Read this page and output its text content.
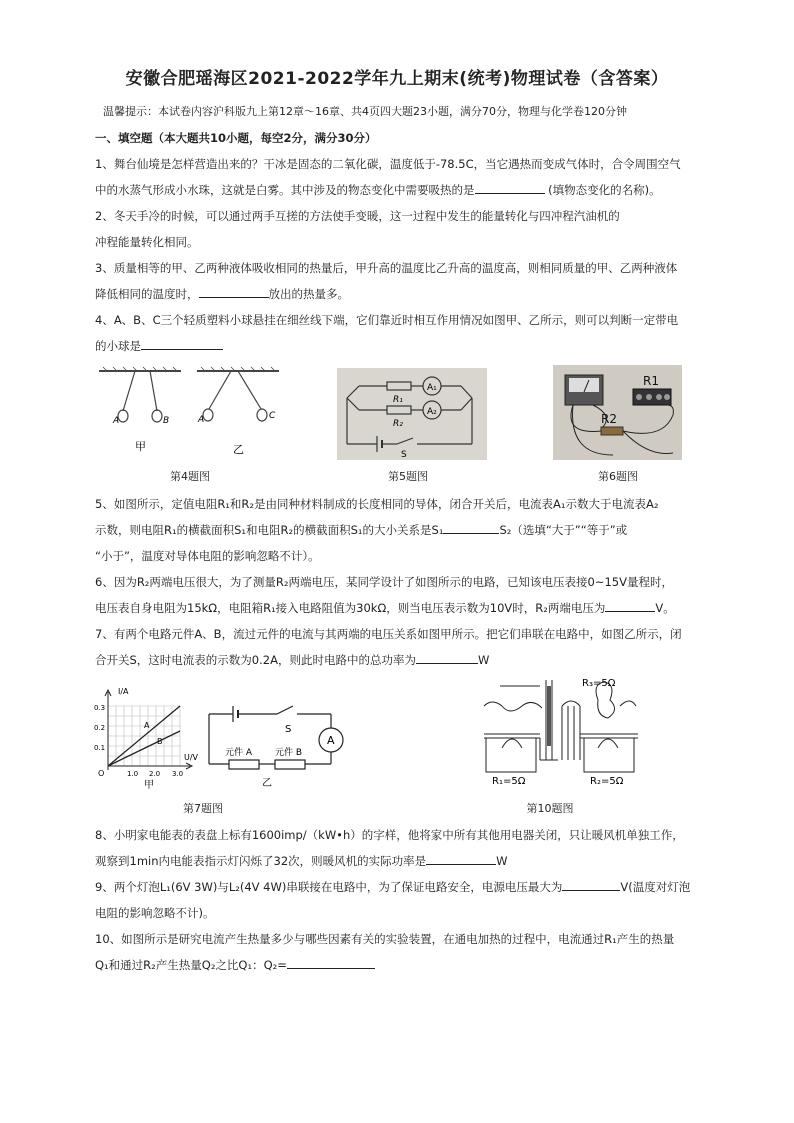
安徽合肥瑶海区2021-2022学年九上期末(统考)物理试卷（含答案）
温馨提示：本试卷内容沪科版九上第12章～16章、共4页四大题23小题，满分70分，物理与化学卷120分钟
一、填空题（本大题共10小题，每空2分，满分30分）
1、舞台仙境是怎样营造出来的？干冰是固态的二氧化碳，温度低于-78.5C，当它遇热而变成气体时，合令周围空气
中的水蒸气形成小水珠，这就是白雾。其中涉及的物态变化中需要吸热的是	(填物态变化的名称)。
2、冬天手冷的时候，可以通过两手互搓的方法使手变暖，这一过程中发生的能量转化与四冲程汽油机的
冲程能量转化相同。
3、质量相等的甲、乙两种液体吸收相同的热量后，甲升高的温度比乙升高的温度高，则相同质量的甲、乙两种液体
降低相同的温度时，	放出的热量多。
4、A、B、C三个轻质塑料小球悬挂在细丝线下端，它们靠近时相互作用情况如图甲、乙所示，则可以判断一定带电
的小球是
A	B
甲
A	C
乙
A₁
A₂
R₁
R₂
S
R1
R2
第4题图	第5题图	第6题图
5、如图所示，定值电阻R₁和R₂是由同种材料制成的长度相同的导体，闭合开关后，电流表A₁示数大于电流表A₂
示数，则电阻R₁的横截面积S₁和电阻R₂的横截面积S₁的大小关系是S₁	S₂（选填“大于”“等于”或
“小于”，温度对导体电阻的影响忽略不计）。
6、因为R₂两端电压很大，为了测量R₂两端电压，某同学设计了如图所示的电路，已知该电压表接0~15V量程时，
电压表自身电阻为15kΩ，电阻箱R₁接入电路阻值为30kΩ，则当电压表示数为10V时，R₂两端电压为	V。
7、有两个电路元件A、B，流过元件的电流与其两端的电压关系如图甲所示。把它们串联在电路中，如图乙所示，闭
合开关S，这时电流表的示数为0.2A，则此时电路中的总功率为	W
I/A
0.3
0.2
0.1
1.0 2.0 3.0
U/V
O
A
B
甲
A
S
元件 A	元件 B
乙
R₃=5Ω
R₁=5Ω	R₂=5Ω
第7题图	第10题图
8、小明家电能表的表盘上标有1600imp/（kW•h）的字样，他将家中所有其他用电器关闭，只让暖风机单独工作，
观察到1min内电能表指示灯闪烁了32次，则暖风机的实际功率是	W
9、两个灯泡L₁(6V 3W)与L₂(4V 4W)串联接在电路中，为了保证电路安全，电源电压最大为	V(温度对灯泡
电阻的影响忽略不计)。
10、如图所示是研究电流产生热量多少与哪些因素有关的实验装置，在通电加热的过程中，电流通过R₁产生的热量
Q₁和通过R₂产生热量Q₂之比Q₁：Q₂=
